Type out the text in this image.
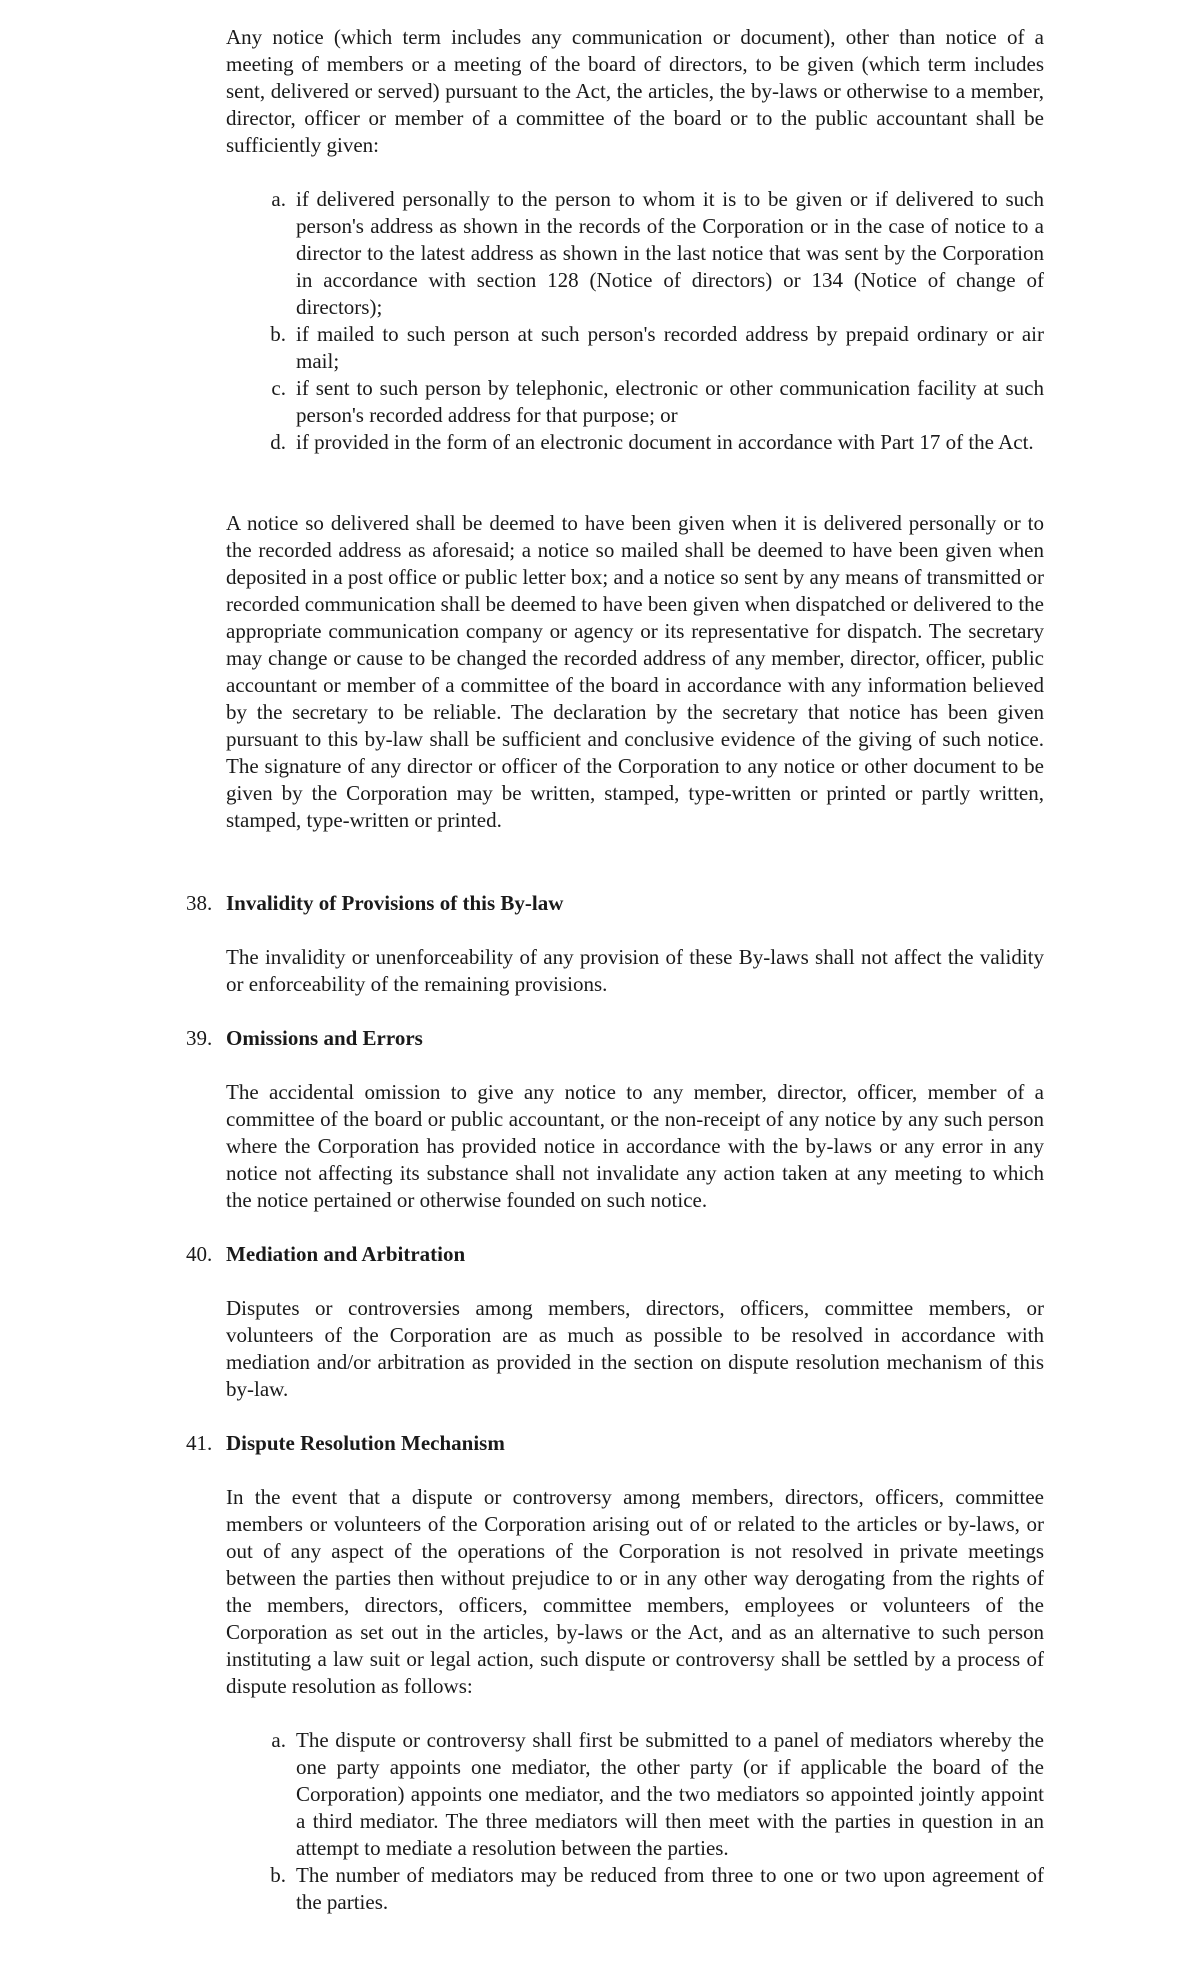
Any notice (which term includes any communication or document), other than notice of a meeting of members or a meeting of the board of directors, to be given (which term includes sent, delivered or served) pursuant to the Act, the articles, the by-laws or otherwise to a member, director, officer or member of a committee of the board or to the public accountant shall be sufficiently given:

a. if delivered personally to the person to whom it is to be given or if delivered to such person's address as shown in the records of the Corporation or in the case of notice to a director to the latest address as shown in the last notice that was sent by the Corporation in accordance with section 128 (Notice of directors) or 134 (Notice of change of directors);
b. if mailed to such person at such person's recorded address by prepaid ordinary or air mail;
c. if sent to such person by telephonic, electronic or other communication facility at such person's recorded address for that purpose; or
d. if provided in the form of an electronic document in accordance with Part 17 of the Act.

A notice so delivered shall be deemed to have been given when it is delivered personally or to the recorded address as aforesaid; a notice so mailed shall be deemed to have been given when deposited in a post office or public letter box; and a notice so sent by any means of transmitted or recorded communication shall be deemed to have been given when dispatched or delivered to the appropriate communication company or agency or its representative for dispatch. The secretary may change or cause to be changed the recorded address of any member, director, officer, public accountant or member of a committee of the board in accordance with any information believed by the secretary to be reliable. The declaration by the secretary that notice has been given pursuant to this by-law shall be sufficient and conclusive evidence of the giving of such notice. The signature of any director or officer of the Corporation to any notice or other document to be given by the Corporation may be written, stamped, type-written or printed or partly written, stamped, type-written or printed.

38. Invalidity of Provisions of this By-law

The invalidity or unenforceability of any provision of these By-laws shall not affect the validity or enforceability of the remaining provisions.

39. Omissions and Errors

The accidental omission to give any notice to any member, director, officer, member of a committee of the board or public accountant, or the non-receipt of any notice by any such person where the Corporation has provided notice in accordance with the by-laws or any error in any notice not affecting its substance shall not invalidate any action taken at any meeting to which the notice pertained or otherwise founded on such notice.

40. Mediation and Arbitration

Disputes or controversies among members, directors, officers, committee members, or volunteers of the Corporation are as much as possible to be resolved in accordance with mediation and/or arbitration as provided in the section on dispute resolution mechanism of this by-law.

41. Dispute Resolution Mechanism

In the event that a dispute or controversy among members, directors, officers, committee members or volunteers of the Corporation arising out of or related to the articles or by-laws, or out of any aspect of the operations of the Corporation is not resolved in private meetings between the parties then without prejudice to or in any other way derogating from the rights of the members, directors, officers, committee members, employees or volunteers of the Corporation as set out in the articles, by-laws or the Act, and as an alternative to such person instituting a law suit or legal action, such dispute or controversy shall be settled by a process of dispute resolution as follows:

a. The dispute or controversy shall first be submitted to a panel of mediators whereby the one party appoints one mediator, the other party (or if applicable the board of the Corporation) appoints one mediator, and the two mediators so appointed jointly appoint a third mediator. The three mediators will then meet with the parties in question in an attempt to mediate a resolution between the parties.
b. The number of mediators may be reduced from three to one or two upon agreement of the parties.
